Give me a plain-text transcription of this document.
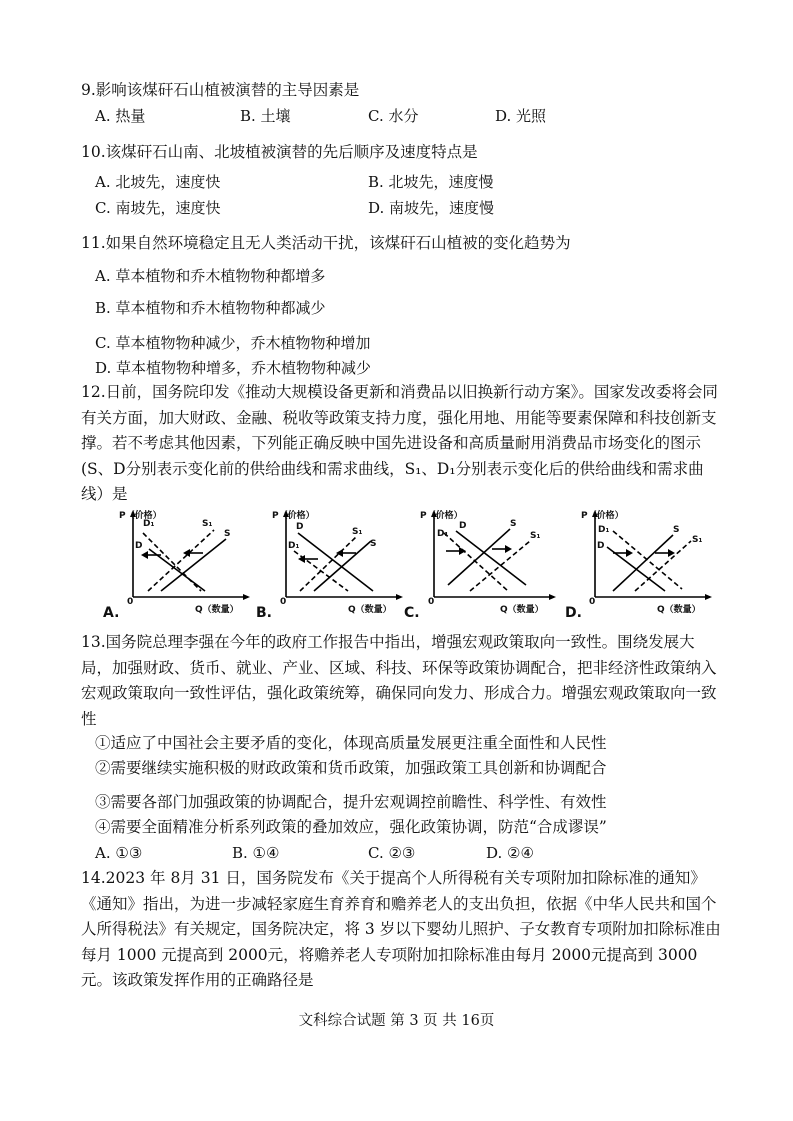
9.影响该煤矸石山植被演替的主导因素是
A. 热量	B. 土壤	C. 水分	D. 光照
10.该煤矸石山南、北坡植被演替的先后顺序及速度特点是
A. 北坡先，速度快	B. 北坡先，速度慢
C. 南坡先，速度快	D. 南坡先，速度慢
11.如果自然环境稳定且无人类活动干扰，该煤矸石山植被的变化趋势为
A. 草本植物和乔木植物物种都增多
B. 草本植物和乔木植物物种都减少
C. 草本植物物种减少，乔木植物物种增加
D. 草本植物物种增多，乔木植物物种减少
12.日前，国务院印发《推动大规模设备更新和消费品以旧换新行动方案》。国家发改委将会同有关方面，加大财政、金融、税收等政策支持力度，强化用地、用能等要素保障和科技创新支撑。若不考虑其他因素，下列能正确反映中国先进设备和高质量耐用消费品市场变化的图示(S、D分别表示变化前的供给曲线和需求曲线，S₁、D₁分别表示变化后的供给曲线和需求曲线）是
P（价格）
Q（数量）
0
D₁
D
S₁
S
A.
P（价格）
Q（数量）
0
D
D₁
S₁
S
B.
P（价格）
Q（数量）
0
D₁
D	S
S₁
C.
P（价格）
Q（数量）
0
D₁
D
S
S₁
D.
13.国务院总理李强在今年的政府工作报告中指出，增强宏观政策取向一致性。围绕发展大局，加强财政、货币、就业、产业、区域、科技、环保等政策协调配合，把非经济性政策纳入宏观政策取向一致性评估，强化政策统筹，确保同向发力、形成合力。增强宏观政策取向一致性
①适应了中国社会主要矛盾的变化，体现高质量发展更注重全面性和人民性
②需要继续实施积极的财政政策和货币政策，加强政策工具创新和协调配合
③需要各部门加强政策的协调配合，提升宏观调控前瞻性、科学性、有效性
④需要全面精准分析系列政策的叠加效应，强化政策协调，防范“合成谬误”
A. ①③	B. ①④	C. ②③	D. ②④
14.2023 年 8月 31 日，国务院发布《关于提高个人所得税有关专项附加扣除标准的通知》《通知》指出，为进一步减轻家庭生育养育和赡养老人的支出负担，依据《中华人民共和国个人所得税法》有关规定，国务院决定，将 3 岁以下婴幼儿照护、子女教育专项附加扣除标准由每月 1000 元提高到 2000元，将赡养老人专项附加扣除标准由每月 2000元提高到 3000元。该政策发挥作用的正确路径是
文科综合试题 第 3 页 共 16页
